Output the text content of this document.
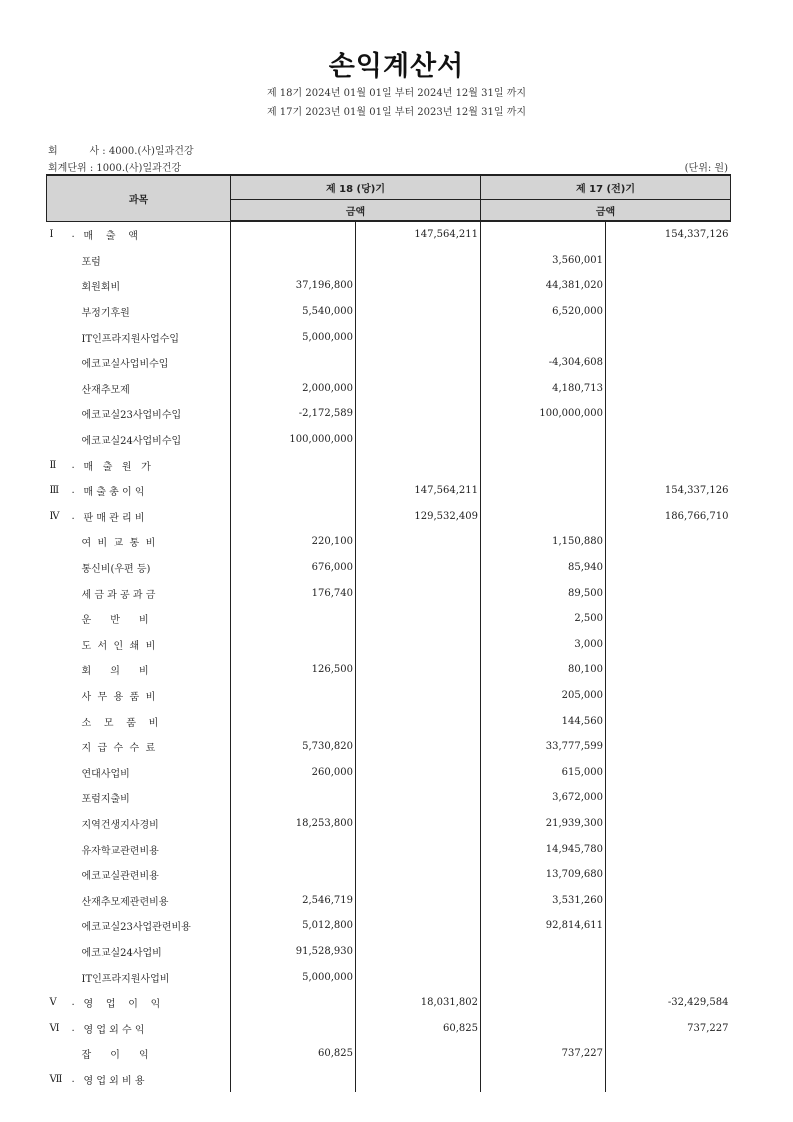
손익계산서
제 18기 2024년 01월 01일 부터 2024년 12월 31일 까지
제 17기 2023년 01월 01일 부터 2023년 12월 31일 까지
회          사 : 4000.(사)일과건강
회계단위 : 1000.(사)일과건강	(단위: 원)
과목	제 18 (당)기		제 17 (전)기	
	금액		금액	

Ⅰ . 매    출    액		147,564,211		154,337,126

포럼			3,560,001	

회원회비	37,196,800		44,381,020	

부정기후원	5,540,000		6,520,000	

IT인프라지원사업수입	5,000,000			

에코교실사업비수입			-4,304,608	

산재추모제	2,000,000		4,180,713	

에코교실23사업비수입	-2,172,589		100,000,000	

에코교실24사업비수입	100,000,000			

Ⅱ . 매   출   원   가				

Ⅲ . 매 출 총 이 익		147,564,211		154,337,126

Ⅳ . 판 매 관 리 비		129,532,409		186,766,710

여  비  교  통  비	220,100		1,150,880	

통신비(우편 등)	676,000		85,940	

세 금 과 공 과 금	176,740		89,500	

운      반      비			2,500	

도  서  인  쇄  비			3,000	

회      의      비	126,500		80,100	

사  무  용  품  비			205,000	

소    모    품    비			144,560	

지  급  수  수  료	5,730,820		33,777,599	

연대사업비	260,000		615,000	

포럼지출비			3,672,000	

지역건생지사경비	18,253,800		21,939,300	

유자학교관련비용			14,945,780	

에코교실관련비용			13,709,680	

산재추모제관련비용	2,546,719		3,531,260	

에코교실23사업관련비용	5,012,800		92,814,611	

에코교실24사업비	91,528,930			

IT인프라지원사업비	5,000,000			

Ⅴ . 영    업    이    익		18,031,802		-32,429,584

Ⅵ . 영 업 외 수 익		60,825		737,227

잡      이      익	60,825		737,227	

Ⅶ . 영 업 외 비 용				
